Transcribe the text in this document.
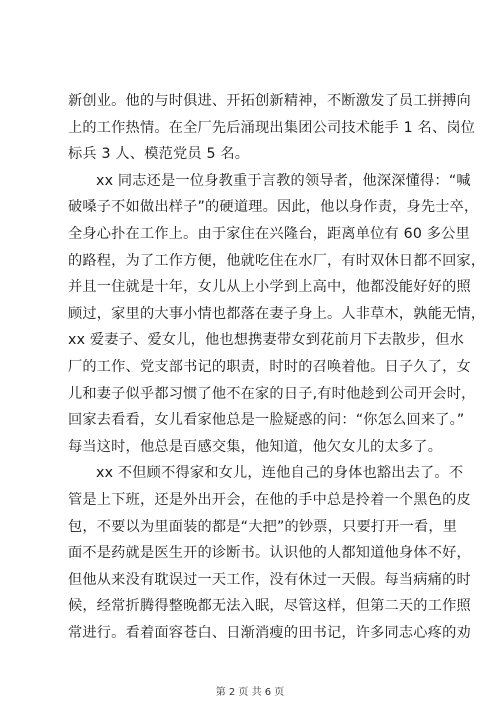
新创业。他的与时俱进、开拓创新精神，不断激发了员工拼搏向
上的工作热情。在全厂先后涌现出集团公司技术能手 1 名、岗位
标兵 3 人、模范党员 5 名。
xx 同志还是一位身教重于言教的领导者，他深深懂得：“喊
破嗓子不如做出样子”的硬道理。因此，他以身作责，身先士卒，
全身心扑在工作上。由于家住在兴隆台，距离单位有 60 多公里
的路程，为了工作方便，他就吃住在水厂，有时双休日都不回家，
并且一住就是十年，女儿从上小学到上高中，他都没能好好的照
顾过，家里的大事小情也都落在妻子身上。人非草木，孰能无情，
xx 爱妻子、爱女儿，他也想携妻带女到花前月下去散步，但水
厂的工作、党支部书记的职责，时时的召唤着他。日子久了，女
儿和妻子似乎都习惯了他不在家的日子,有时他趁到公司开会时，
回家去看看，女儿看家他总是一脸疑惑的问：“你怎么回来了。”
每当这时，他总是百感交集，他知道，他欠女儿的太多了。
xx 不但顾不得家和女儿，连他自己的身体也豁出去了。不
管是上下班，还是外出开会，在他的手中总是拎着一个黑色的皮
包，不要以为里面装的都是“大把”的钞票，只要打开一看，里
面不是药就是医生开的诊断书。认识他的人都知道他身体不好，
但他从来没有耽误过一天工作，没有休过一天假。每当病痛的时
候，经常折腾得整晚都无法入眠，尽管这样，但第二天的工作照
常进行。看着面容苍白、日渐消瘦的田书记，许多同志心疼的劝
第 2 页 共 6 页
